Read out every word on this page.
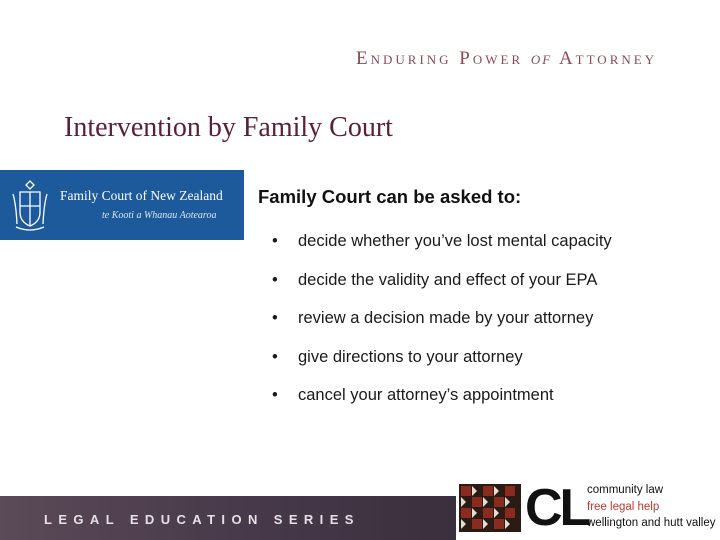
Enduring Power of Attorney
Intervention by Family Court
Family Court of New Zealand
te Kooti a Whanau Aotearoa
Family Court can be asked to:
•	decide whether you’ve lost mental capacity
•	decide the validity and effect of your EPA
•	review a decision made by your attorney
•	give directions to your attorney
•	cancel your attorney’s appointment
LEGAL EDUCATION SERIES	CL
community law
free legal help
wellington and hutt valley
